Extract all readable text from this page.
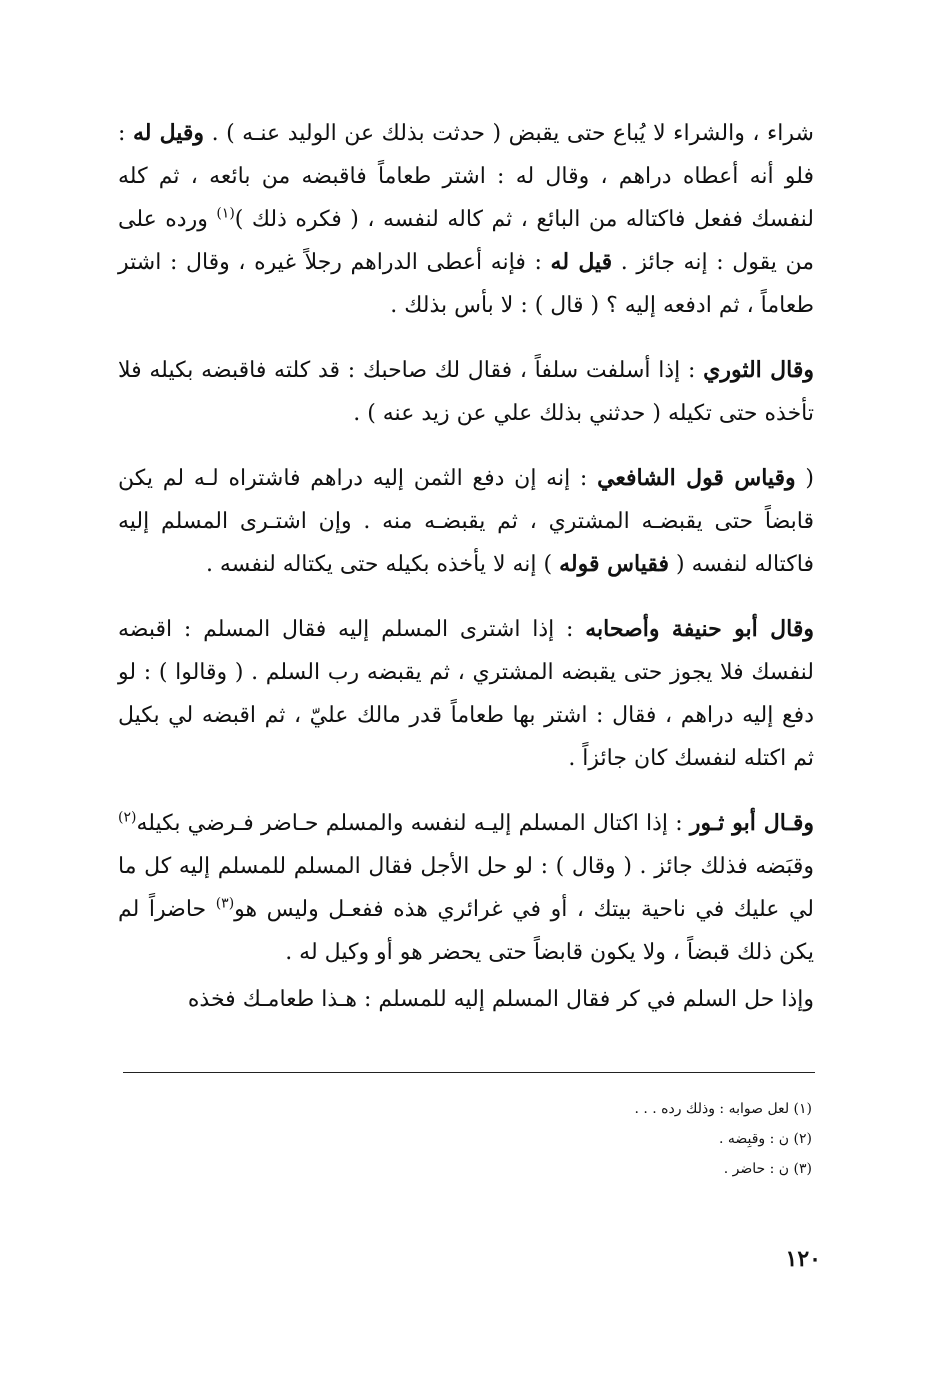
شراء ، والشراء لا يُباع حتى يقبض ( حدثت بذلك عن الوليد عنـه ) . وقيل له : فلو أنه أعطاه دراهم ، وقال له : اشتر طعاماً فاقبضه من بائعه ، ثم كله لنفسك ففعل فاكتاله من البائع ، ثم كاله لنفسه ، ( فكره ذلك )$^{(١)}$ ورده على من يقول : إنه جائز . قيل له : فإنه أعطى الدراهم رجلاً غيره ، وقال : اشتر طعاماً ، ثم ادفعه إليه ؟ ( قال ) : لا بأس بذلك .

وقال الثوري : إذا أسلفت سلفاً ، فقال لك صاحبك : قد كلته فاقبضه بكيله فلا تأخذه حتى تكيله ( حدثني بذلك علي عن زيد عنه ) .

( وقياس قول الشافعي : إنه إن دفع الثمن إليه دراهم فاشتراه لـه لم يكن قابضاً حتى يقبضـه المشتري ، ثم يقبضـه منه . وإن اشتـرى المسلم إليه فاكتاله لنفسه ( فقياس قوله ) إنه لا يأخذه بكيله حتى يكتاله لنفسه .

وقال أبو حنيفة وأصحابه : إذا اشترى المسلم إليه فقال المسلم : اقبضه لنفسك فلا يجوز حتى يقبضه المشتري ، ثم يقبضه رب السلم . ( وقالوا ) : لو دفع إليه دراهم ، فقال : اشتر بها طعاماً قدر مالك عليّ ، ثم اقبضه لي بكيل ثم اكتله لنفسك كان جائزاً .

وقـال أبو ثـور : إذا اكتال المسلم إليـه لنفسه والمسلم حـاضر فـرضي بكيله$^{(٢)}$ وقبَضه فذلك جائز . ( وقال ) : لو حل الأجل فقال المسلم للمسلم إليه كل ما لي عليك في ناحية بيتك ، أو في غرائري هذه ففعـل وليس هو$^{(٣)}$ حاضراً لم يكن ذلك قبضاً ، ولا يكون قابضاً حتى يحضر هو أو وكيل له .

وإذا حل السلم في كر فقال المسلم إليه للمسلم : هـذا طعامـك فخذه

(١) لعل صوابه : وذلك رده . . .

(٢) ن : وقبِضه .

(٣) ن : حاضر .

١٢٠
